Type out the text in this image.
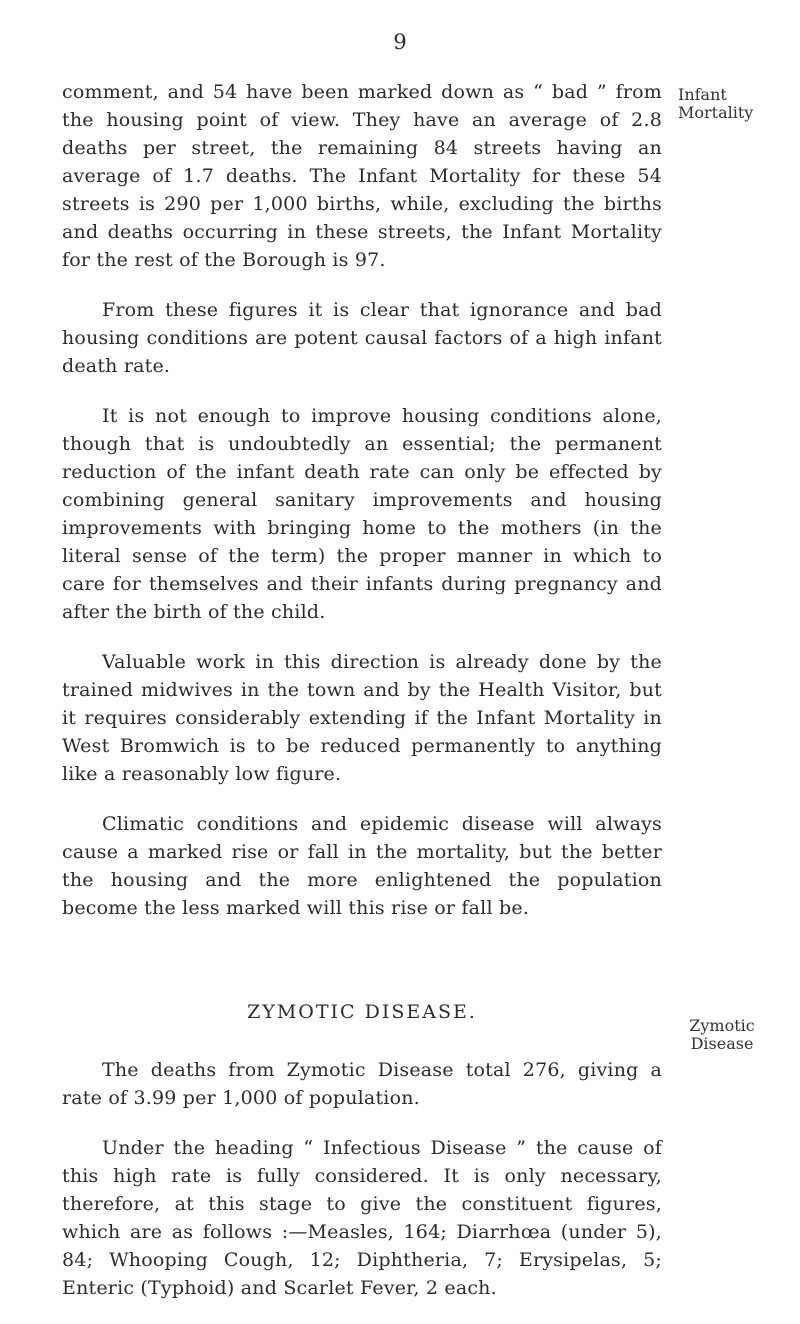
9
Infant
Mortality
Zymotic
Disease

comment, and 54 have been marked down as “ bad ” from the housing point of view. They have an average of 2.8 deaths per street, the remaining 84 streets having an average of 1.7 deaths. The Infant Mortality for these 54 streets is 290 per 1,000 births, while, excluding the births and deaths occurring in these streets, the Infant Mortality for the rest of the Borough is 97.

From these figures it is clear that ignorance and bad housing conditions are potent causal factors of a high infant death rate.

It is not enough to improve housing conditions alone, though that is undoubtedly an essential; the permanent reduction of the infant death rate can only be effected by combining general sanitary improvements and housing improvements with bringing home to the mothers (in the literal sense of the term) the proper manner in which to care for themselves and their infants during pregnancy and after the birth of the child.

Valuable work in this direction is already done by the trained midwives in the town and by the Health Visitor, but it requires considerably extending if the Infant Mortality in West Bromwich is to be reduced permanently to anything like a reasonably low figure.

Climatic conditions and epidemic disease will always cause a marked rise or fall in the mortality, but the better the housing and the more enlightened the population become the less marked will this rise or fall be.

ZYMOTIC DISEASE.

The deaths from Zymotic Disease total 276, giving a rate of 3.99 per 1,000 of population.

Under the heading “ Infectious Disease ” the cause of this high rate is fully considered. It is only necessary, therefore, at this stage to give the constituent figures, which are as follows :—Measles, 164; Diarrhœa (under 5), 84; Whooping Cough, 12; Diphtheria, 7; Erysipelas, 5; Enteric (Typhoid) and Scarlet Fever, 2 each.
